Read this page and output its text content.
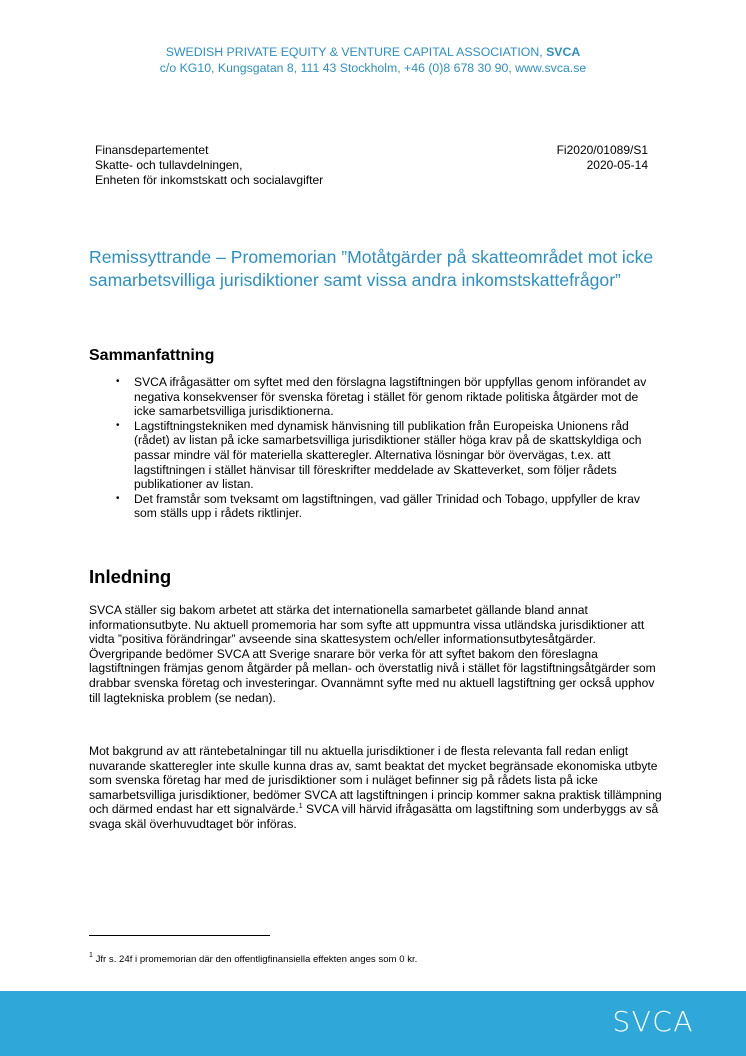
SWEDISH PRIVATE EQUITY & VENTURE CAPITAL ASSOCIATION, SVCA
c/o KG10, Kungsgatan 8, 111 43 Stockholm, +46 (0)8 678 30 90, www.svca.se
Finansdepartementet
Skatte- och tullavdelningen,
Enheten för inkomstskatt och socialavgifter
Fi2020/01089/S1
2020-05-14
Remissyttrande – Promemorian ”Motåtgärder på skatteområdet mot icke samarbetsvilliga jurisdiktioner samt vissa andra inkomstskattefrågor”
Sammanfattning
• SVCA ifrågasätter om syftet med den förslagna lagstiftningen bör uppfyllas genom införandet av negativa konsekvenser för svenska företag i stället för genom riktade politiska åtgärder mot de icke samarbetsvilliga jurisdiktionerna.
• Lagstiftningstekniken med dynamisk hänvisning till publikation från Europeiska Unionens råd (rådet) av listan på icke samarbetsvilliga jurisdiktioner ställer höga krav på de skattskyldiga och passar mindre väl för materiella skatteregler. Alternativa lösningar bör övervägas, t.ex. att lagstiftningen i stället hänvisar till föreskrifter meddelade av Skatteverket, som följer rådets publikationer av listan.
• Det framstår som tveksamt om lagstiftningen, vad gäller Trinidad och Tobago, uppfyller de krav som ställs upp i rådets riktlinjer.
Inledning

SVCA ställer sig bakom arbetet att stärka det internationella samarbetet gällande bland annat informationsutbyte. Nu aktuell promemoria har som syfte att uppmuntra vissa utländska jurisdiktioner att vidta ”positiva förändringar” avseende sina skattesystem och/eller informationsutbytesåtgärder. Övergripande bedömer SVCA att Sverige snarare bör verka för att syftet bakom den föreslagna lagstiftningen främjas genom åtgärder på mellan- och överstatlig nivå i stället för lagstiftningsåtgärder som drabbar svenska företag och investeringar. Ovannämnt syfte med nu aktuell lagstiftning ger också upphov till lagtekniska problem (se nedan).

Mot bakgrund av att räntebetalningar till nu aktuella jurisdiktioner i de flesta relevanta fall redan enligt nuvarande skatteregler inte skulle kunna dras av, samt beaktat det mycket begränsade ekonomiska utbyte som svenska företag har med de jurisdiktioner som i nuläget befinner sig på rådets lista på icke samarbetsvilliga jurisdiktioner, bedömer SVCA att lagstiftningen i princip kommer sakna praktisk tillämpning och därmed endast har ett signalvärde.$^1$ SVCA vill härvid ifrågasätta om lagstiftning som underbyggs av så svaga skäl överhuvudtaget bör införas.

$^1$ Jfr s. 24f i promemorian där den offentligfinansiella effekten anges som 0 kr.
SVCA
